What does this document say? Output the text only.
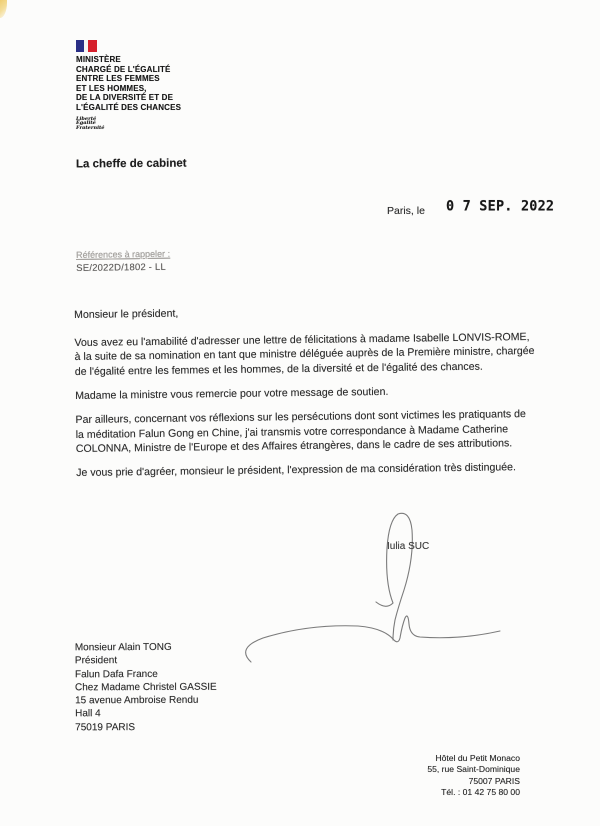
MINISTÈRE
CHARGÉ DE L'ÉGALITÉ
ENTRE LES FEMMES
ET LES HOMMES,
DE LA DIVERSITÉ ET DE
L'ÉGALITÉ DES CHANCES
Liberté
Égalité
Fraternité
La cheffe de cabinet
Paris, le 0 7 SEP. 2022
Références à rappeler :
SE/2022D/1802 - LL
Monsieur le président,
Vous avez eu l'amabilité d'adresser une lettre de félicitations à madame Isabelle LONVIS-ROME,
à la suite de sa nomination en tant que ministre déléguée auprès de la Première ministre, chargée
de l'égalité entre les femmes et les hommes, de la diversité et de l'égalité des chances.
Madame la ministre vous remercie pour votre message de soutien.
Par ailleurs, concernant vos réflexions sur les persécutions dont sont victimes les pratiquants de
la méditation Falun Gong en Chine, j'ai transmis votre correspondance à Madame Catherine
COLONNA, Ministre de l'Europe et des Affaires étrangères, dans le cadre de ses attributions.
Je vous prie d'agréer, monsieur le président, l'expression de ma considération très distinguée.
Iulia SUC
Monsieur Alain TONG
Président
Falun Dafa France
Chez Madame Christel GASSIE
15 avenue Ambroise Rendu
Hall 4
75019 PARIS
Hôtel du Petit Monaco
55, rue Saint-Dominique
75007 PARIS
Tél. : 01 42 75 80 00
